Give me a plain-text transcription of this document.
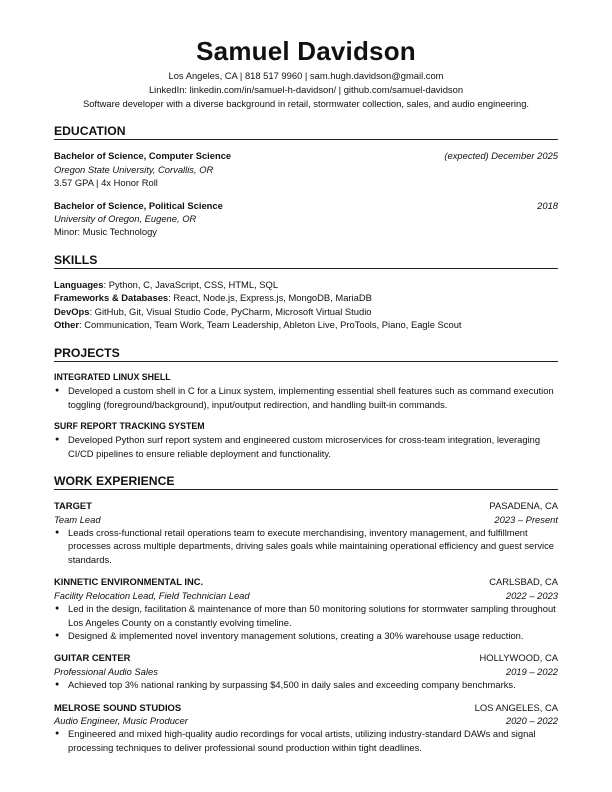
Samuel Davidson
Los Angeles, CA | 818 517 9960 | sam.hugh.davidson@gmail.com
LinkedIn: linkedin.com/in/samuel-h-davidson/ | github.com/samuel-davidson
Software developer with a diverse background in retail, stormwater collection, sales, and audio engineering.
EDUCATION
Bachelor of Science, Computer Science	(expected) December 2025
Oregon State University, Corvallis, OR
3.57 GPA | 4x Honor Roll
Bachelor of Science, Political Science	2018
University of Oregon, Eugene, OR
Minor: Music Technology
SKILLS
Languages: Python, C, JavaScript, CSS, HTML, SQL
Frameworks & Databases: React, Node.js, Express.js, MongoDB, MariaDB
DevOps: GitHub, Git, Visual Studio Code, PyCharm, Microsoft Virtual Studio
Other: Communication, Team Work, Team Leadership, Ableton Live, ProTools, Piano, Eagle Scout
PROJECTS
INTEGRATED LINUX SHELL
● Developed a custom shell in C for a Linux system, implementing essential shell features such as command execution toggling (foreground/background), input/output redirection, and handling built-in commands.
SURF REPORT TRACKING SYSTEM
● Developed Python surf report system and engineered custom microservices for cross-team integration, leveraging CI/CD pipelines to ensure reliable deployment and functionality.
WORK EXPERIENCE
TARGET	PASADENA, CA
Team Lead	2023 – Present
● Leads cross-functional retail operations team to execute merchandising, inventory management, and fulfillment processes across multiple departments, driving sales goals while maintaining operational efficiency and guest service standards.
KINNETIC ENVIRONMENTAL INC.	CARLSBAD, CA
Facility Relocation Lead, Field Technician Lead	2022 – 2023
● Led in the design, facilitation & maintenance of more than 50 monitoring solutions for stormwater sampling throughout Los Angeles County on a constantly evolving timeline.
● Designed & implemented novel inventory management solutions, creating a 30% warehouse usage reduction.
GUITAR CENTER	HOLLYWOOD, CA
Professional Audio Sales	2019 – 2022
● Achieved top 3% national ranking by surpassing $4,500 in daily sales and exceeding company benchmarks.
MELROSE SOUND STUDIOS	LOS ANGELES, CA
Audio Engineer, Music Producer	2020 – 2022
● Engineered and mixed high-quality audio recordings for vocal artists, utilizing industry-standard DAWs and signal processing techniques to deliver professional sound production within tight deadlines.
